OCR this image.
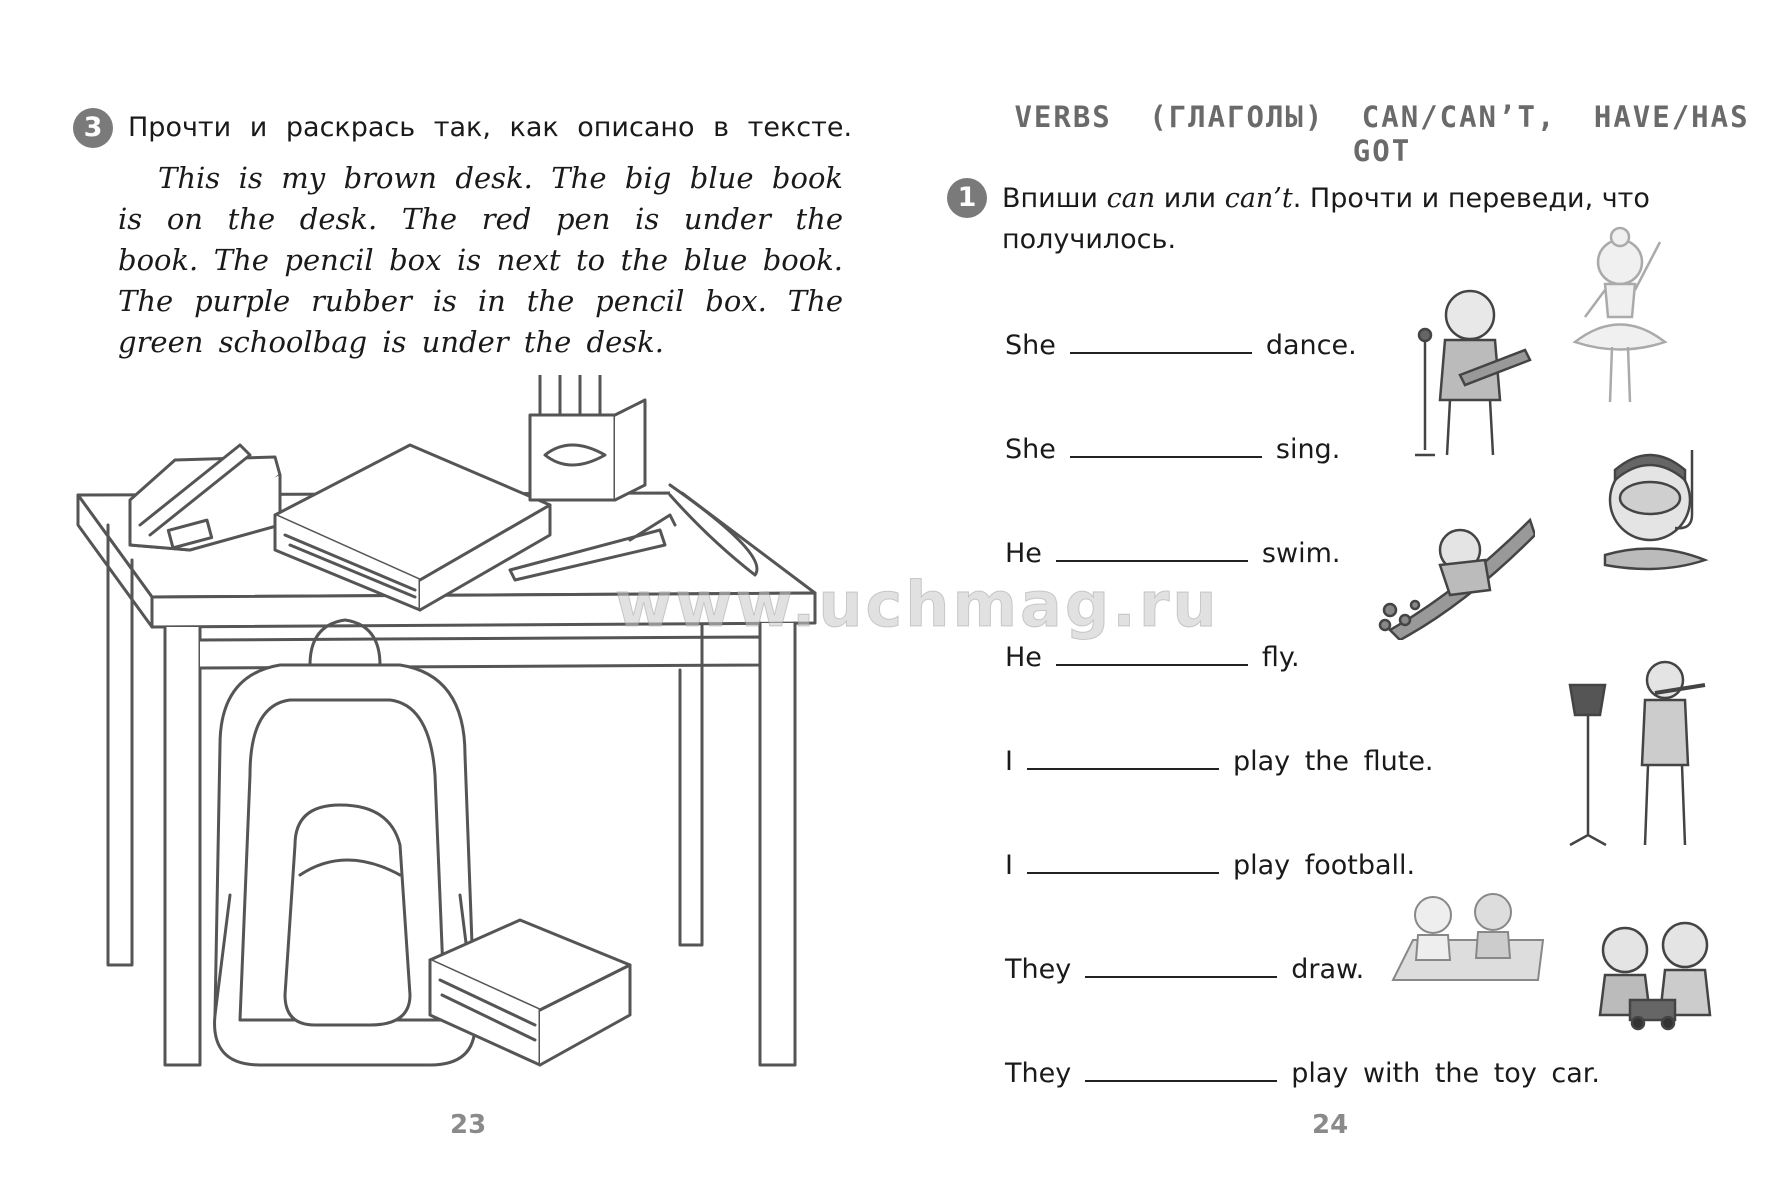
3 Прочти и раскрась так, как описано в тексте.
This is my brown desk. The big blue book is on the desk. The red pen is under the book. The pencil box is next to the blue book. The purple rubber is in the pencil box. The green schoolbag is under the desk.
23
VERBS (ГЛАГОЛЫ) CAN/CAN’T, HAVE/HAS GOT
1 Впиши can или can’t. Прочти и переведи, что получилось.
She	dance.
She	sing.
He	swim.
He	fly.
I	play the flute.
I	play football.
They	draw.
They	play with the toy car.
24
www.uchmag.ru
